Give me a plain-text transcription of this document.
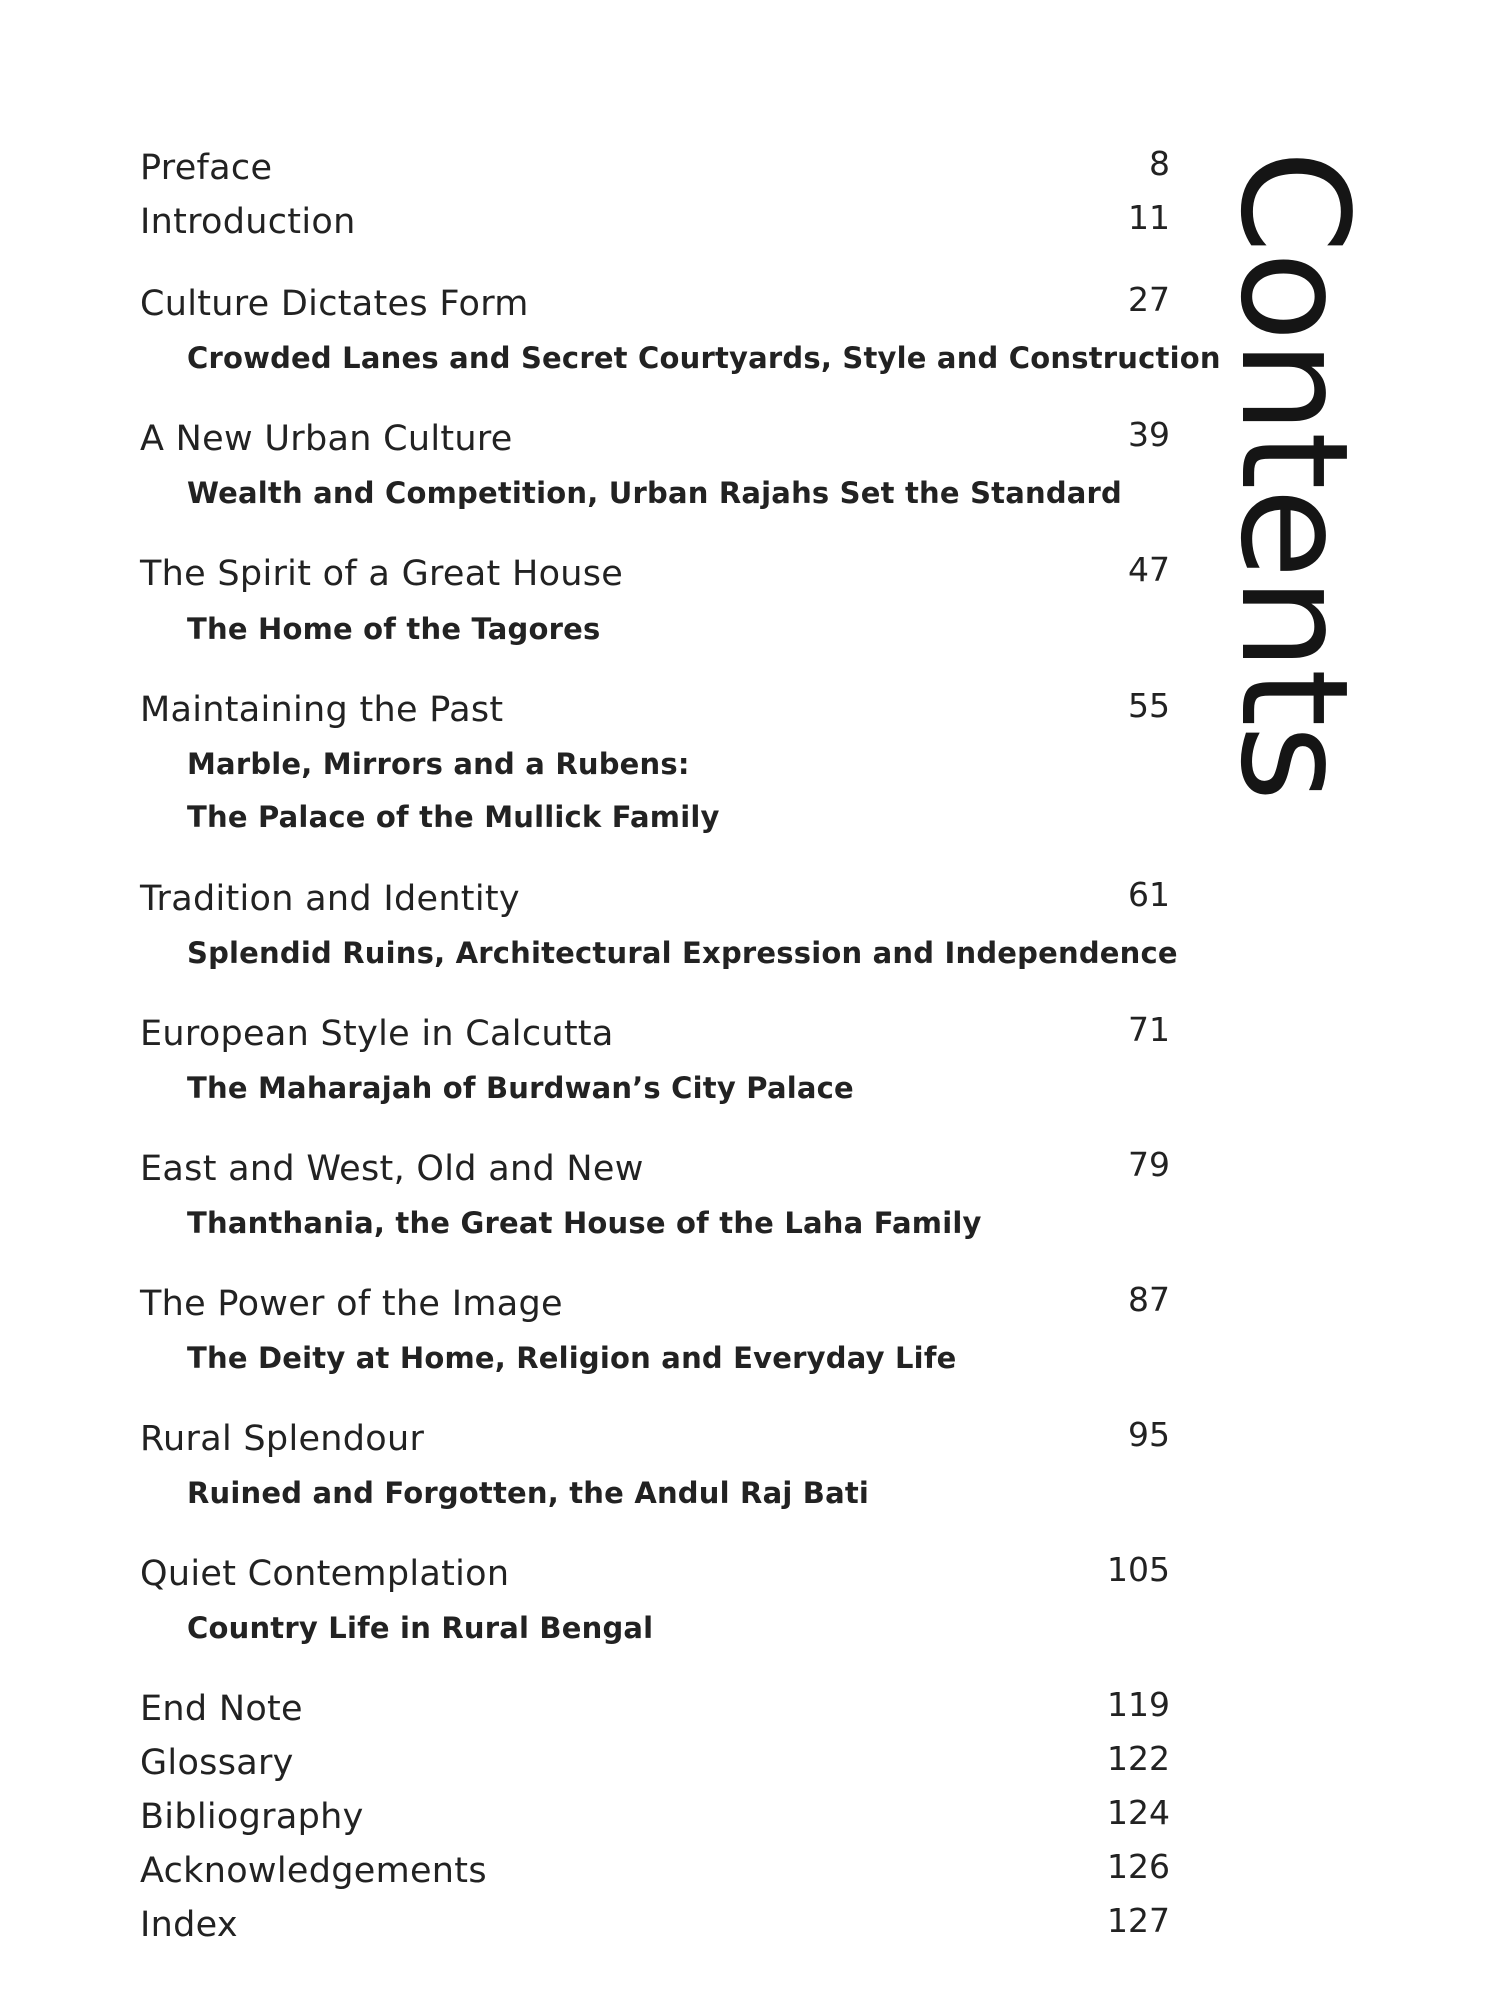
Contents
Preface	8
Introduction	11
Culture Dictates Form	27
Crowded Lanes and Secret Courtyards, Style and Construction
A New Urban Culture	39
Wealth and Competition, Urban Rajahs Set the Standard
The Spirit of a Great House	47
The Home of the Tagores
Maintaining the Past	55
Marble, Mirrors and a Rubens:
The Palace of the Mullick Family
Tradition and Identity	61
Splendid Ruins, Architectural Expression and Independence
European Style in Calcutta	71
The Maharajah of Burdwan’s City Palace
East and West, Old and New	79
Thanthania, the Great House of the Laha Family
The Power of the Image	87
The Deity at Home, Religion and Everyday Life
Rural Splendour	95
Ruined and Forgotten, the Andul Raj Bati
Quiet Contemplation	105
Country Life in Rural Bengal
End Note	119
Glossary	122
Bibliography	124
Acknowledgements	126
Index	127
